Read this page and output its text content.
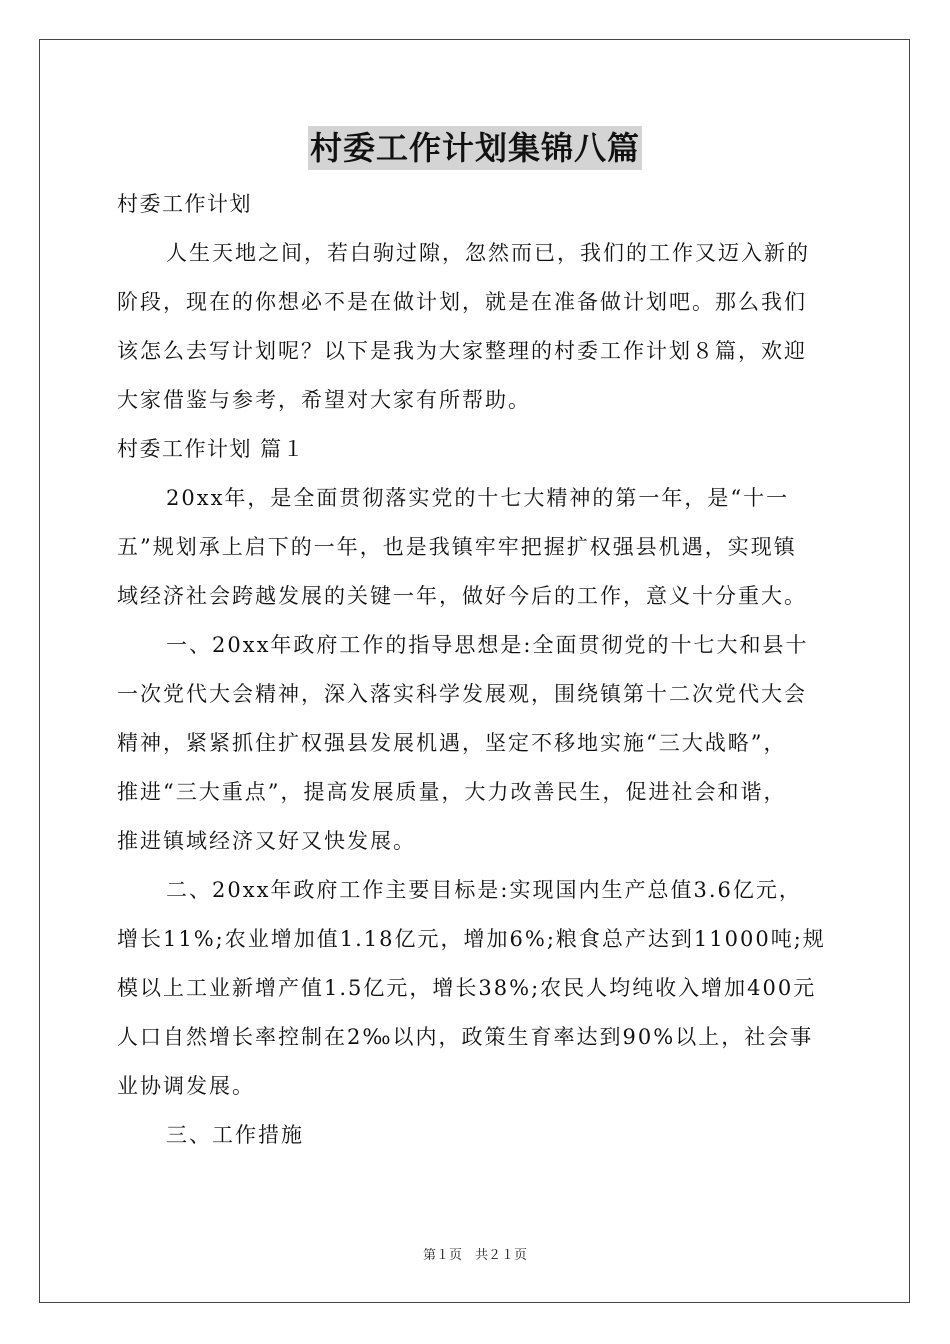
村委工作计划集锦八篇
村委工作计划
人生天地之间，若白驹过隙，忽然而已，我们的工作又迈入新的
阶段，现在的你想必不是在做计划，就是在准备做计划吧。那么我们
该怎么去写计划呢？以下是我为大家整理的村委工作计划８篇，欢迎
大家借鉴与参考，希望对大家有所帮助。
村委工作计划 篇１
20xx年，是全面贯彻落实党的十七大精神的第一年，是“十一
五”规划承上启下的一年，也是我镇牢牢把握扩权强县机遇，实现镇
域经济社会跨越发展的关键一年，做好今后的工作，意义十分重大。
一、20xx年政府工作的指导思想是:全面贯彻党的十七大和县十
一次党代大会精神，深入落实科学发展观，围绕镇第十二次党代大会
精神，紧紧抓住扩权强县发展机遇，坚定不移地实施“三大战略”，
推进“三大重点”，提高发展质量，大力改善民生，促进社会和谐，
推进镇域经济又好又快发展。
二、20xx年政府工作主要目标是:实现国内生产总值3.6亿元，
增长11%;农业增加值1.18亿元，增加6%;粮食总产达到11000吨;规
模以上工业新增产值1.5亿元，增长38%;农民人均纯收入增加400元
人口自然增长率控制在2‰以内，政策生育率达到90%以上，社会事
业协调发展。
三、工作措施
第１页　共２１页
